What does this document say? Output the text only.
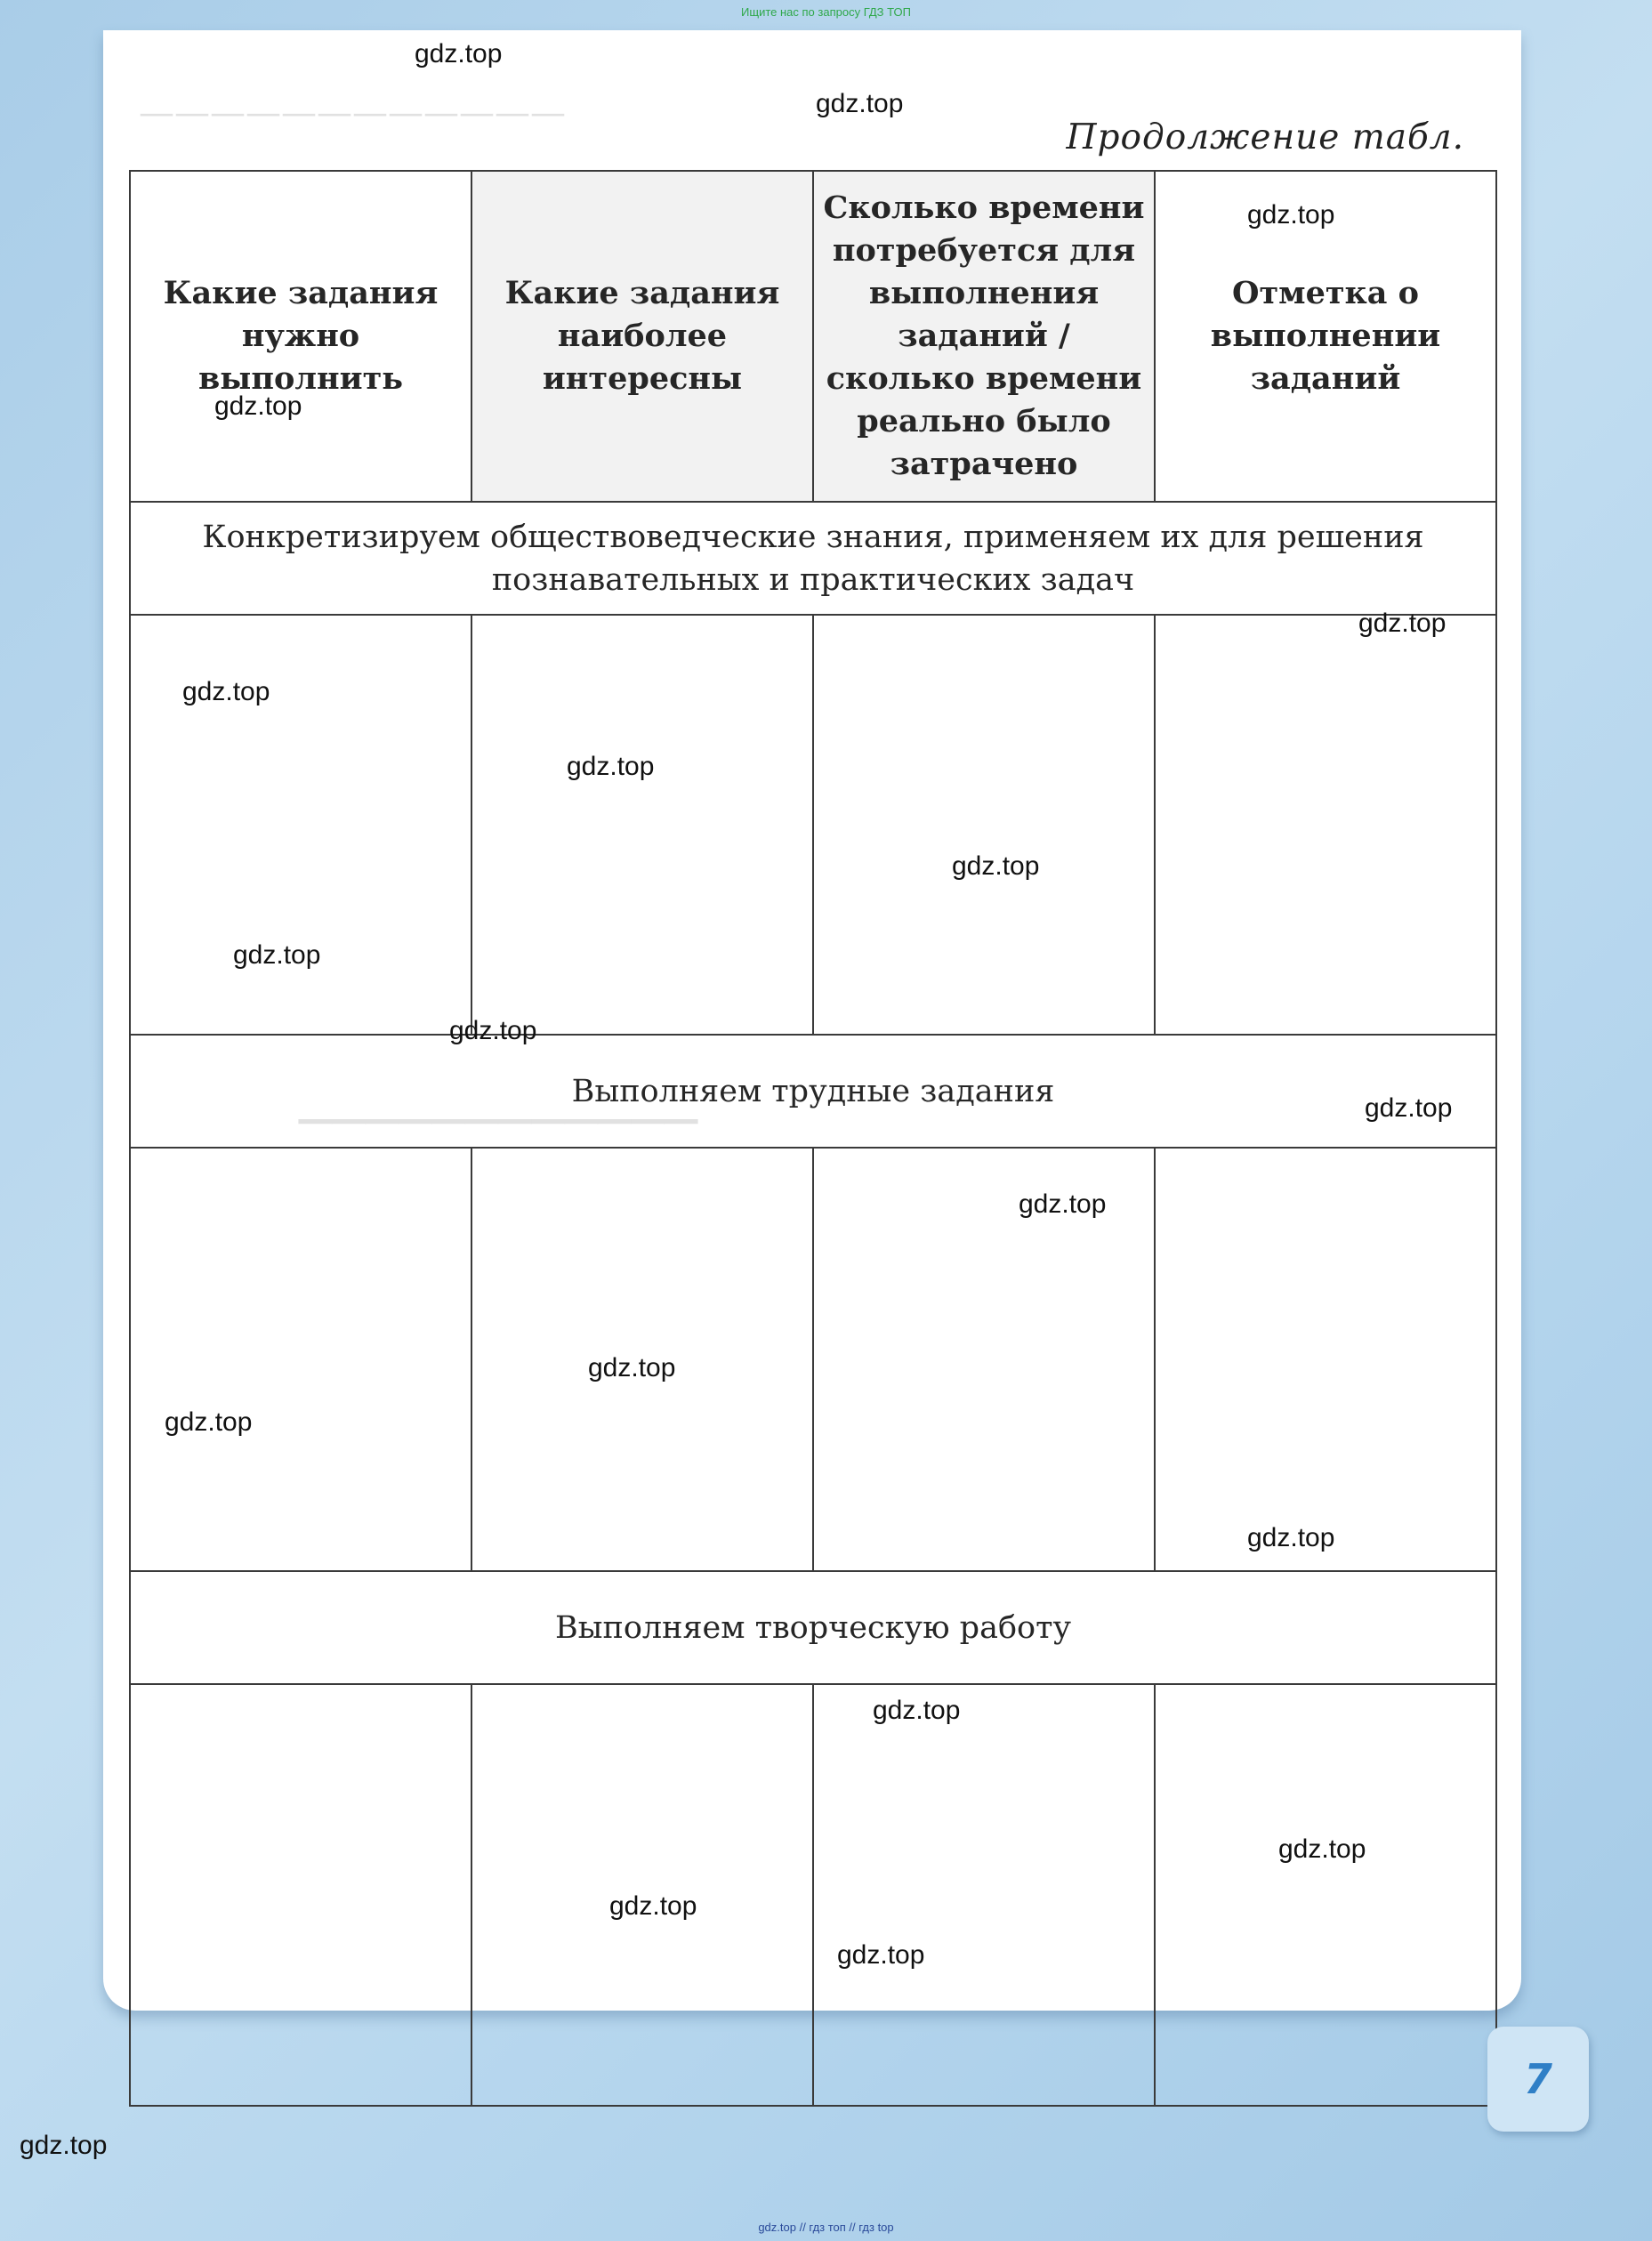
Ищите нас по запросу ГДЗ ТОП
————————————
────────────
Продолжение табл.
Какие задания нужно выполнить	Какие задания наиболее интересны	Сколько времени потребуется для выполнения заданий / сколько времени реально было затрачено	Отметка о выполнении заданий
Конкретизируем обществоведческие знания, применяем их для решения познавательных и практических задач			

Выполняем трудные задания			

Выполняем творческую работу			

gdz.top
gdz.top
gdz.top
gdz.top
gdz.top
gdz.top
gdz.top
gdz.top
gdz.top
gdz.top
gdz.top
gdz.top
gdz.top
gdz.top
gdz.top
gdz.top
gdz.top
gdz.top
gdz.top
gdz.top
7
gdz.top // гдз топ // гдз top
